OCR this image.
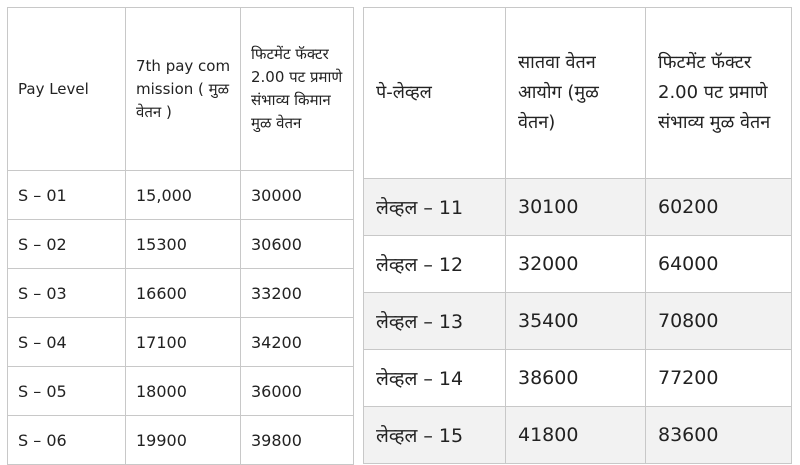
Pay Level	7th pay commission ( मुळ वेतन )	फिटमेंट फॅक्टर 2.00 पट प्रमाणे संभाव्य किमान मुळ वेतन
S – 01	15,000	30000
S – 02	15300	30600
S – 03	16600	33200
S – 04	17100	34200
S – 05	18000	36000
S – 06	19900	39800
पे-लेव्हल	सातवा वेतन आयोग (मुळ वेतन)	फिटमेंट फॅक्टर 2.00 पट प्रमाणे संभाव्य मुळ वेतन
लेव्हल – 11	30100	60200
लेव्हल – 12	32000	64000
लेव्हल – 13	35400	70800
लेव्हल – 14	38600	77200
लेव्हल – 15	41800	83600
